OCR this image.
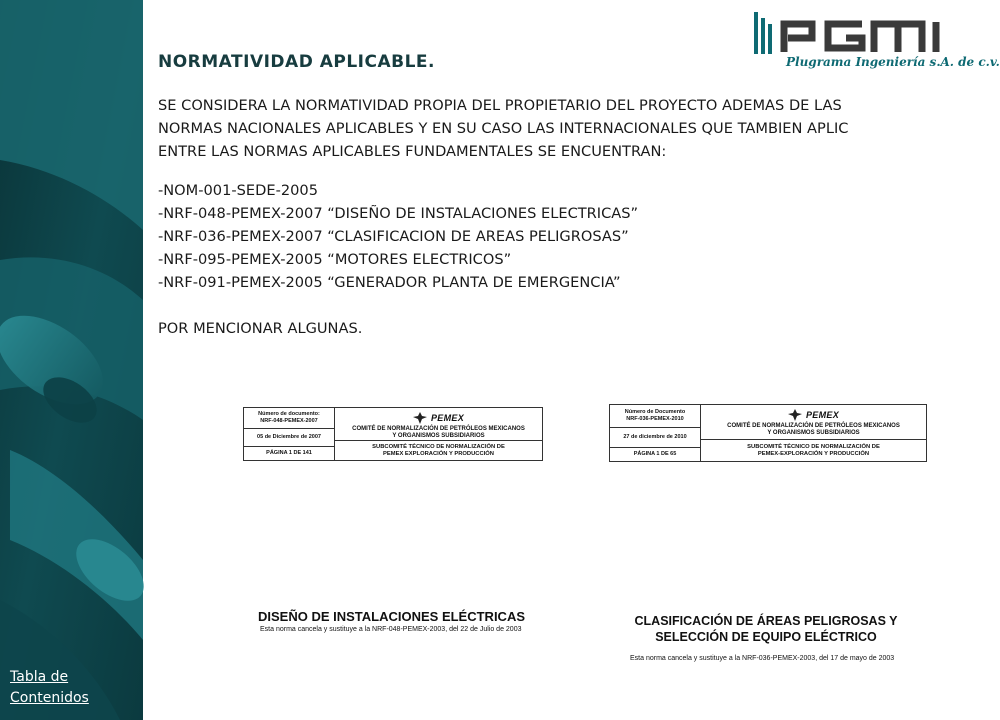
Tabla de Contenidos
Plugrama Ingeniería s.A. de c.v.
NORMATIVIDAD APLICABLE.

SE CONSIDERA LA NORMATIVIDAD PROPIA DEL PROPIETARIO DEL PROYECTO ADEMAS DE LAS

NORMAS NACIONALES APLICABLES Y EN SU CASO LAS INTERNACIONALES QUE TAMBIEN APLIC

ENTRE LAS NORMAS APLICABLES FUNDAMENTALES SE ENCUENTRAN:

-NOM-001-SEDE-2005
-NRF-048-PEMEX-2007 “DISEÑO DE INSTALACIONES ELECTRICAS”
-NRF-036-PEMEX-2007 “CLASIFICACION DE AREAS PELIGROSAS”
-NRF-095-PEMEX-2005 “MOTORES ELECTRICOS”
-NRF-091-PEMEX-2005 “GENERADOR PLANTA DE EMERGENCIA”

POR MENCIONAR ALGUNAS.

Número de documento:
NRF-048-PEMEX-2007
05 de Diciembre de 2007
PÁGINA 1 DE 141
PEMEX
COMITÉ DE NORMALIZACIÓN DE PETRÓLEOS MEXICANOS
Y ORGANISMOS SUBSIDIARIOS
SUBCOMITÉ TÉCNICO DE NORMALIZACIÓN DE
PEMEX EXPLORACIÓN Y PRODUCCIÓN
Número de Documento
NRF-036-PEMEX-2010
27 de diciembre de 2010
PÁGINA 1 DE 65
PEMEX
COMITÉ DE NORMALIZACIÓN DE PETRÓLEOS MEXICANOS
Y ORGANISMOS SUBSIDIARIOS
SUBCOMITÉ TÉCNICO DE NORMALIZACIÓN DE
PEMEX-EXPLORACIÓN Y PRODUCCIÓN
DISEÑO DE INSTALACIONES ELÉCTRICAS
Esta norma cancela y sustituye a la NRF-048-PEMEX-2003, del 22 de Julio de 2003
CLASIFICACIÓN DE ÁREAS PELIGROSAS Y
SELECCIÓN DE EQUIPO ELÉCTRICO
Esta norma cancela y sustituye a la NRF-036-PEMEX-2003, del 17 de mayo de 2003
